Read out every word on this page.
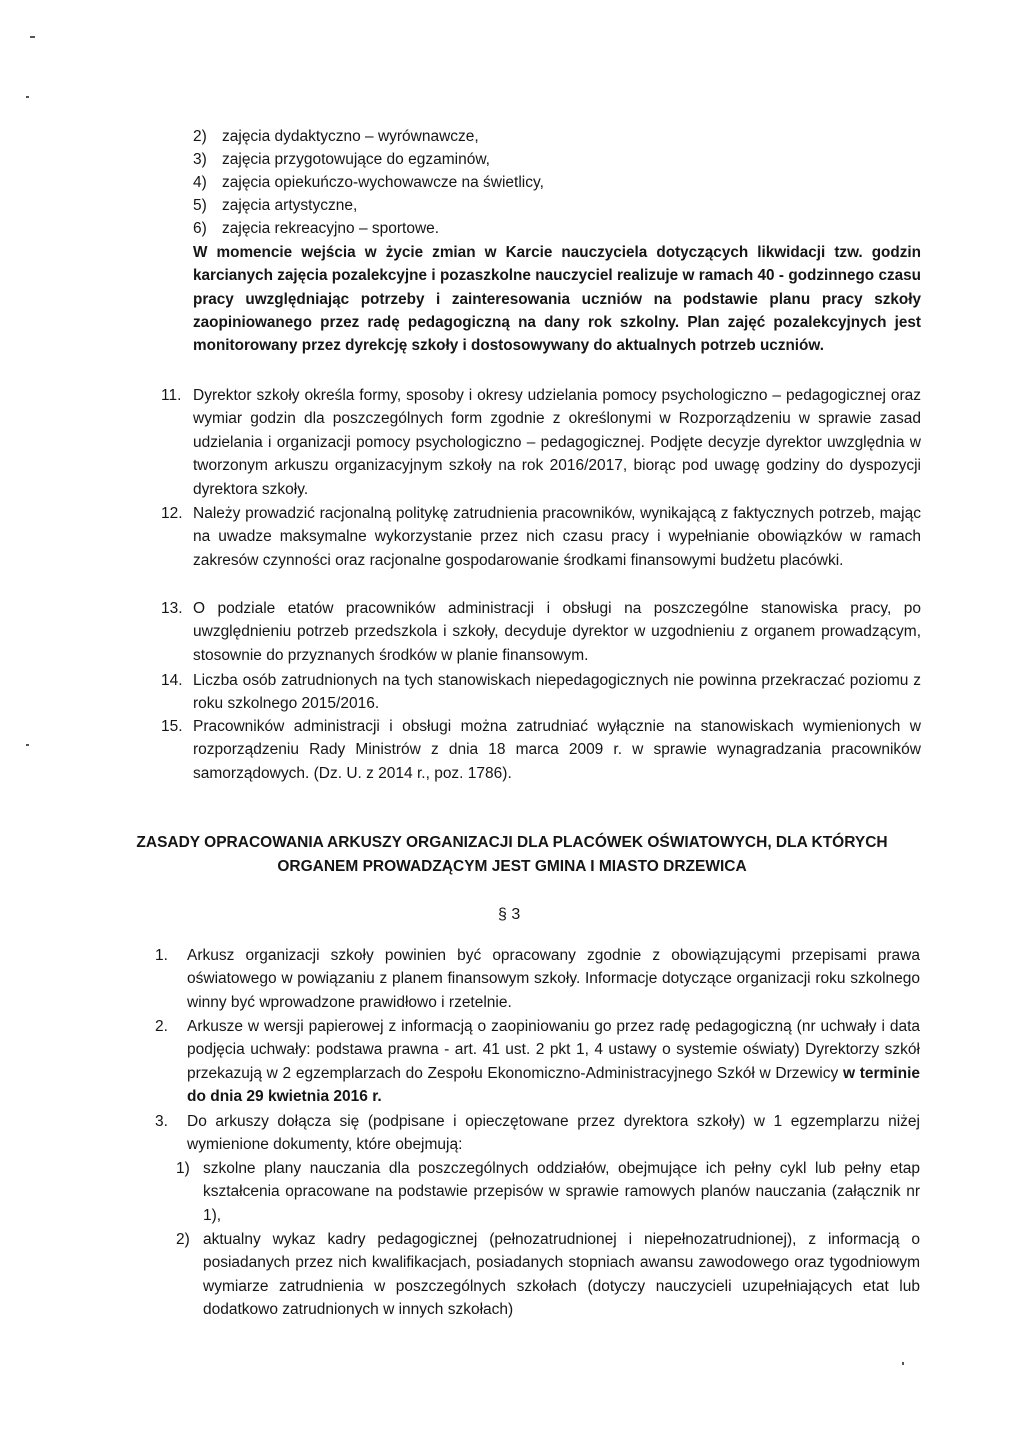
2) zajęcia dydaktyczno – wyrównawcze,
3) zajęcia przygotowujące do egzaminów,
4) zajęcia opiekuńczo-wychowawcze na świetlicy,
5) zajęcia artystyczne,
6) zajęcia rekreacyjno – sportowe.
W momencie wejścia w życie zmian w Karcie nauczyciela dotyczących likwidacji tzw. godzin karcianych zajęcia pozalekcyjne i pozaszkolne nauczyciel realizuje w ramach 40 - godzinnego czasu pracy uwzględniając potrzeby i zainteresowania uczniów na podstawie planu pracy szkoły zaopiniowanego przez radę pedagogiczną na dany rok szkolny. Plan zajęć pozalekcyjnych jest monitorowany przez dyrekcję szkoły i dostosowywany do aktualnych potrzeb uczniów.
11. Dyrektor szkoły określa formy, sposoby i okresy udzielania pomocy psychologiczno – pedagogicznej oraz wymiar godzin dla poszczególnych form zgodnie z określonymi w Rozporządzeniu w sprawie zasad udzielania i organizacji pomocy psychologiczno – pedagogicznej. Podjęte decyzje dyrektor uwzględnia w tworzonym arkuszu organizacyjnym szkoły na rok 2016/2017, biorąc pod uwagę godziny do dyspozycji dyrektora szkoły.
12. Należy prowadzić racjonalną politykę zatrudnienia pracowników, wynikającą z faktycznych potrzeb, mając na uwadze maksymalne wykorzystanie przez nich czasu pracy i wypełnianie obowiązków w ramach zakresów czynności oraz racjonalne gospodarowanie środkami finansowymi budżetu placówki.
13. O podziale etatów pracowników administracji i obsługi na poszczególne stanowiska pracy, po uwzględnieniu potrzeb przedszkola i szkoły, decyduje dyrektor w uzgodnieniu z organem prowadzącym, stosownie do przyznanych środków w planie finansowym.
14. Liczba osób zatrudnionych na tych stanowiskach niepedagogicznych nie powinna przekraczać poziomu z roku szkolnego 2015/2016.
15. Pracowników administracji i obsługi można zatrudniać wyłącznie na stanowiskach wymienionych w rozporządzeniu Rady Ministrów z dnia 18 marca 2009 r. w sprawie wynagradzania pracowników samorządowych. (Dz. U. z 2014 r., poz. 1786).
ZASADY OPRACOWANIA ARKUSZY ORGANIZACJI DLA PLACÓWEK OŚWIATOWYCH, DLA KTÓRYCH
ORGANEM PROWADZĄCYM JEST GMINA I MIASTO DRZEWICA
§ 3
1. Arkusz organizacji szkoły powinien być opracowany zgodnie z obowiązującymi przepisami prawa oświatowego w powiązaniu z planem finansowym szkoły. Informacje dotyczące organizacji roku szkolnego winny być wprowadzone prawidłowo i rzetelnie.
2. Arkusze w wersji papierowej z informacją o zaopiniowaniu go przez radę pedagogiczną (nr uchwały i data podjęcia uchwały: podstawa prawna - art. 41 ust. 2 pkt 1, 4 ustawy o systemie oświaty) Dyrektorzy szkół przekazują w 2 egzemplarzach do Zespołu Ekonomiczno-Administracyjnego Szkół w Drzewicy w terminie do dnia 29 kwietnia 2016 r.
3. Do arkuszy dołącza się (podpisane i opieczętowane przez dyrektora szkoły) w 1 egzemplarzu niżej wymienione dokumenty, które obejmują:
1) szkolne plany nauczania dla poszczególnych oddziałów, obejmujące ich pełny cykl lub pełny etap kształcenia opracowane na podstawie przepisów w sprawie ramowych planów nauczania (załącznik nr 1),
2) aktualny wykaz kadry pedagogicznej (pełnozatrudnionej i niepełnozatrudnionej), z informacją o posiadanych przez nich kwalifikacjach, posiadanych stopniach awansu zawodowego oraz tygodniowym wymiarze zatrudnienia w poszczególnych szkołach (dotyczy nauczycieli uzupełniających etat lub dodatkowo zatrudnionych w innych szkołach)
